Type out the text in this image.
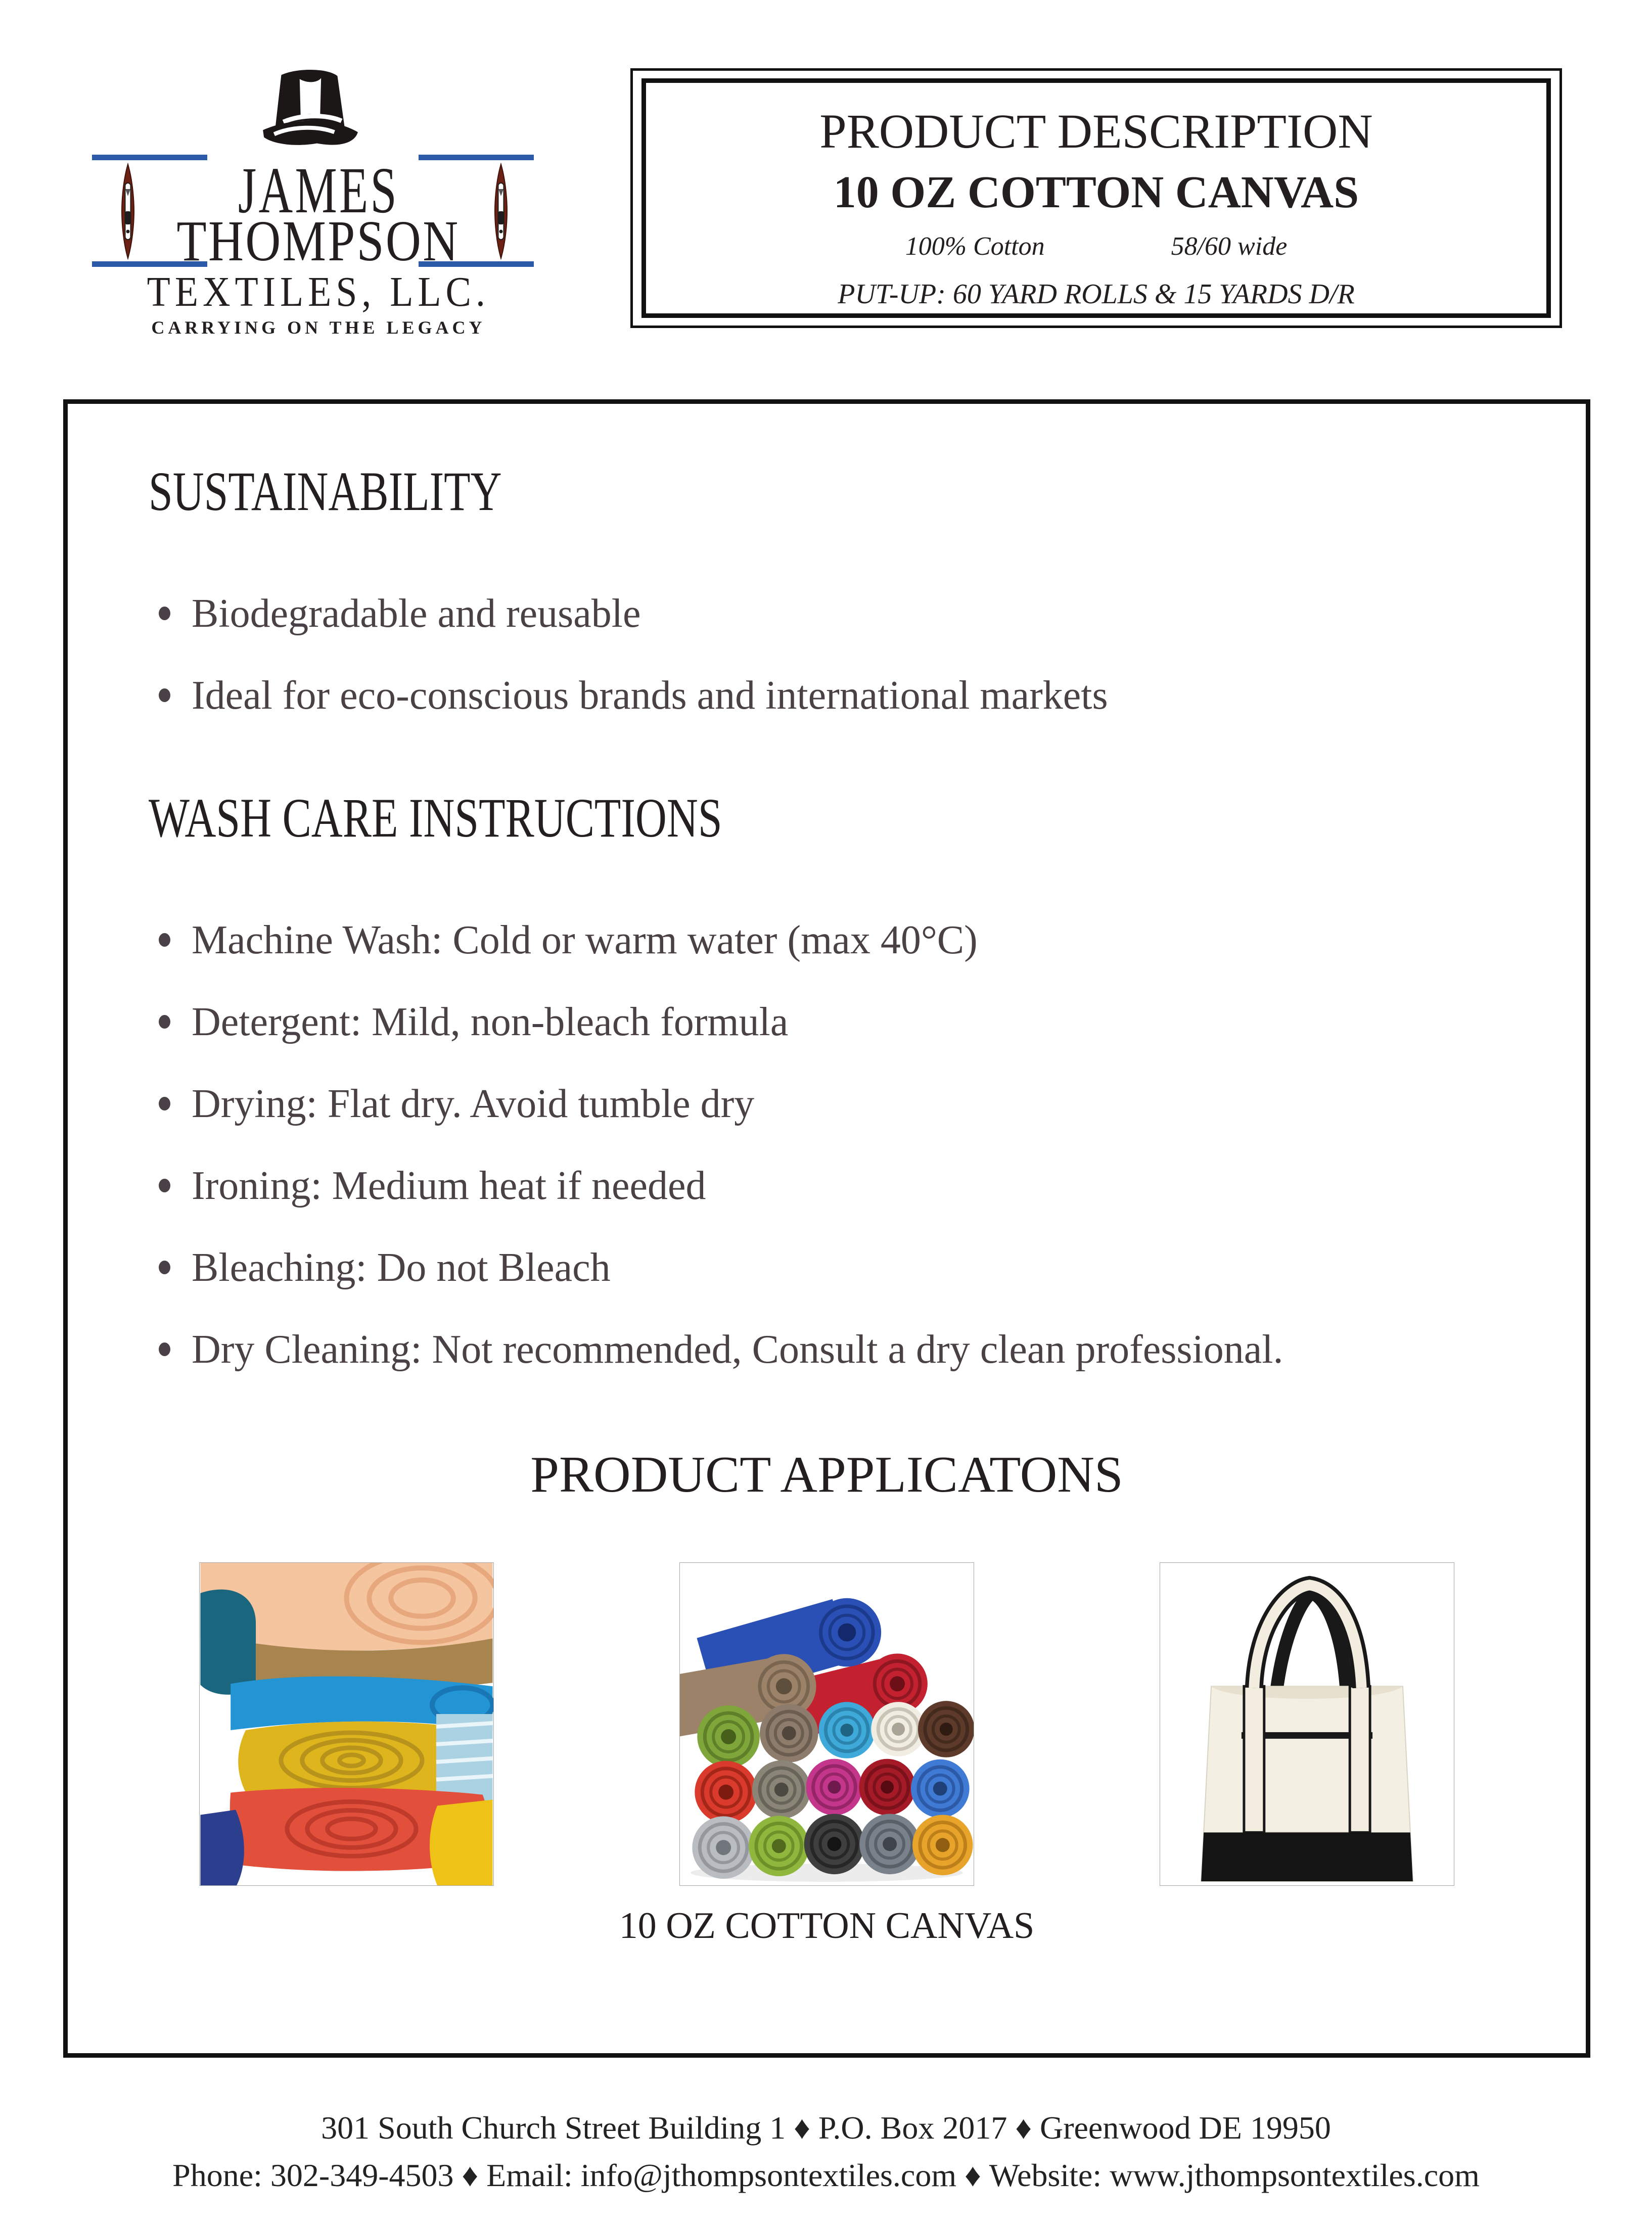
JAMES
THOMPSON
TEXTILES, LLC.
CARRYING ON THE LEGACY
PRODUCT DESCRIPTION
10 OZ COTTON CANVAS
100% Cotton	58/60 wide
PUT-UP: 60 YARD ROLLS & 15 YARDS D/R
SUSTAINABILITY
Biodegradable and reusable
Ideal for eco-conscious brands and international markets
WASH CARE INSTRUCTIONS
Machine Wash: Cold or warm water (max 40°C)
Detergent: Mild, non-bleach formula
Drying: Flat dry. Avoid tumble dry
Ironing: Medium heat if needed
Bleaching: Do not Bleach
Dry Cleaning: Not recommended, Consult a dry clean professional.
PRODUCT APPLICATONS
10 OZ COTTON CANVAS
301 South Church Street Building 1 ♦ P.O. Box 2017 ♦ Greenwood DE 19950
Phone: 302-349-4503 ♦ Email: info@jthompsontextiles.com ♦ Website: www.jthompsontextiles.com
